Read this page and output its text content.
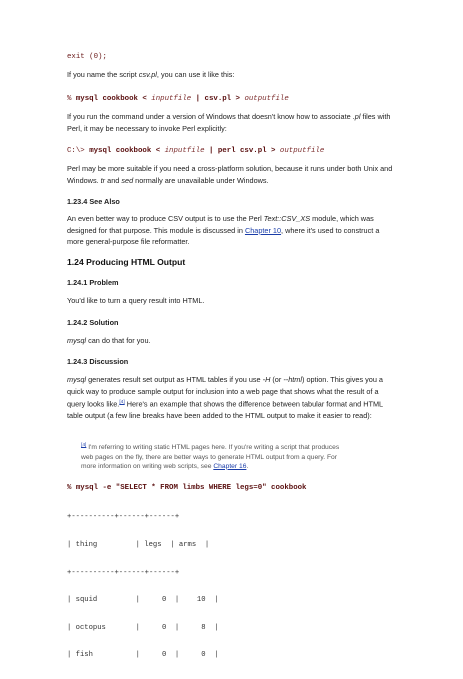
exit (0);
If you name the script csv.pl, you can use it like this:
% mysql cookbook < inputfile | csv.pl > outputfile
If you run the command under a version of Windows that doesn't know how to associate .pl files with Perl, it may be necessary to invoke Perl explicitly:
C:\> mysql cookbook < inputfile | perl csv.pl > outputfile
Perl may be more suitable if you need a cross-platform solution, because it runs under both Unix and Windows. tr and sed normally are unavailable under Windows.
1.23.4 See Also
An even better way to produce CSV output is to use the Perl Text::CSV_XS module, which was designed for that purpose. This module is discussed in Chapter 10, where it's used to construct a more general-purpose file reformatter.
1.24 Producing HTML Output
1.24.1 Problem
You'd like to turn a query result into HTML.
1.24.2 Solution
mysql can do that for you.
1.24.3 Discussion
mysql generates result set output as HTML tables if you use -H (or --html) option. This gives you a quick way to produce sample output for inclusion into a web page that shows what the result of a query looks like.[4] Here's an example that shows the difference between tabular format and HTML table output (a few line breaks have been added to the HTML output to make it easier to read):
[4] I'm referring to writing static HTML pages here. If you're writing a script that produces web pages on the fly, there are better ways to generate HTML output from a query. For more information on writing web scripts, see Chapter 16.
% mysql -e "SELECT * FROM limbs WHERE legs=0" cookbook

+----------+------+------+

| thing	| legs | arms |

+----------+------+------+

| squid	| 0  | 10  |

| octopus	| 0  | 8  |

| fish	| 0  | 0  |
